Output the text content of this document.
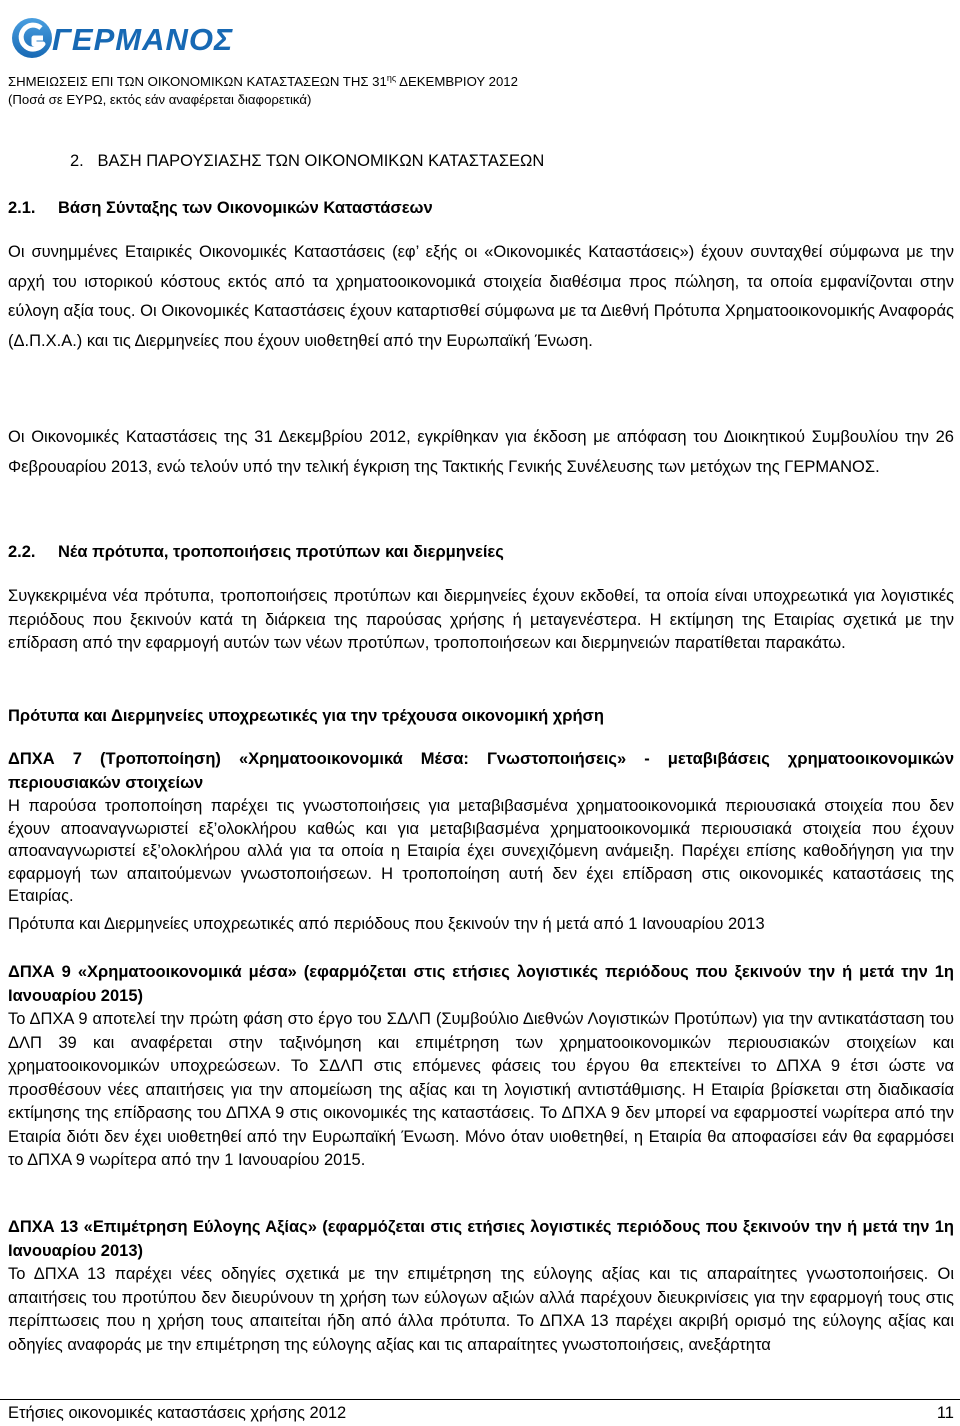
ΓΕΡΜΑΝΟΣ
ΣΗΜΕΙΩΣΕΙΣ ΕΠΙ ΤΩΝ ΟΙΚΟΝΟΜΙΚΩΝ ΚΑΤΑΣΤΑΣΕΩΝ ΤΗΣ $31^{\eta\varsigma}$ ΔΕΚΕΜΒΡΙΟΥ 2012
(Ποσά σε ΕΥΡΩ, εκτός εάν αναφέρεται διαφορετικά)
2. ΒΑΣΗ ΠΑΡΟΥΣΙΑΣΗΣ ΤΩΝ ΟΙΚΟΝΟΜΙΚΩΝ ΚΑΤΑΣΤΑΣΕΩΝ
2.1. Βάση Σύνταξης των Οικονομικών Καταστάσεων

Οι συνημμένες Εταιρικές Οικονομικές Καταστάσεις (εφ’ εξής οι «Οικονομικές Καταστάσεις») έχουν συνταχθεί σύμφωνα με την αρχή του ιστορικού κόστους εκτός από τα χρηματοοικονομικά στοιχεία διαθέσιμα προς πώληση, τα οποία εμφανίζονται στην εύλογη αξία τους. Οι Οικονομικές Καταστάσεις έχουν καταρτισθεί σύμφωνα με τα Διεθνή Πρότυπα Χρηματοοικονομικής Αναφοράς (Δ.Π.Χ.Α.) και τις Διερμηνείες που έχουν υιοθετηθεί από την Ευρωπαϊκή Ένωση.

Οι Οικονομικές Καταστάσεις της 31 Δεκεμβρίου 2012, εγκρίθηκαν για έκδοση με απόφαση του Διοικητικού Συμβουλίου την 26 Φεβρουαρίου 2013, ενώ τελούν υπό την τελική έγκριση της Τακτικής Γενικής Συνέλευσης των μετόχων της ΓΕΡΜΑΝΟΣ.

2.2. Νέα πρότυπα, τροποποιήσεις προτύπων και διερμηνείες

Συγκεκριμένα νέα πρότυπα, τροποποιήσεις προτύπων και διερμηνείες έχουν εκδοθεί, τα οποία είναι υποχρεωτικά για λογιστικές περιόδους που ξεκινούν κατά τη διάρκεια της παρούσας χρήσης ή μεταγενέστερα. Η εκτίμηση της Εταιρίας σχετικά με την επίδραση από την εφαρμογή αυτών των νέων προτύπων, τροποποιήσεων και διερμηνειών παρατίθεται παρακάτω.

Πρότυπα και Διερμηνείες υποχρεωτικές για την τρέχουσα οικονομική χρήση

ΔΠΧΑ 7 (Τροποποίηση) «Χρηματοοικονομικά Μέσα: Γνωστοποιήσεις» - μεταβιβάσεις χρηματοοικονομικών περιουσιακών στοιχείων

Η παρούσα τροποποίηση παρέχει τις γνωστοποιήσεις για μεταβιβασμένα χρηματοοικονομικά περιουσιακά στοιχεία που δεν έχουν αποαναγνωριστεί εξ’ολοκλήρου καθώς και για μεταβιβασμένα χρηματοοικονομικά περιουσιακά στοιχεία που έχουν αποαναγνωριστεί εξ’ολοκλήρου αλλά για τα οποία η Εταιρία έχει συνεχιζόμενη ανάμειξη. Παρέχει επίσης καθοδήγηση για την εφαρμογή των απαιτούμενων γνωστοποιήσεων. Η τροποποίηση αυτή δεν έχει επίδραση στις οικονομικές καταστάσεις της Εταιρίας.

Πρότυπα και Διερμηνείες υποχρεωτικές από περιόδους που ξεκινούν την ή μετά από 1 Ιανουαρίου 2013

ΔΠΧΑ 9 «Χρηματοοικονομικά μέσα» (εφαρμόζεται στις ετήσιες λογιστικές περιόδους που ξεκινούν την ή μετά την 1η Ιανουαρίου 2015)

Το ΔΠΧΑ 9 αποτελεί την πρώτη φάση στο έργο του ΣΔΛΠ (Συμβούλιο Διεθνών Λογιστικών Προτύπων) για την αντικατάσταση του ΔΛΠ 39 και αναφέρεται στην ταξινόμηση και επιμέτρηση των χρηματοοικονομικών περιουσιακών στοιχείων και χρηματοοικονομικών υποχρεώσεων. Το ΣΔΛΠ στις επόμενες φάσεις του έργου θα επεκτείνει το ΔΠΧΑ 9 έτσι ώστε να προσθέσουν νέες απαιτήσεις για την απομείωση της αξίας και τη λογιστική αντιστάθμισης. Η Εταιρία βρίσκεται στη διαδικασία εκτίμησης της επίδρασης του ΔΠΧΑ 9 στις οικονομικές της καταστάσεις. Το ΔΠΧΑ 9 δεν μπορεί να εφαρμοστεί νωρίτερα από την Εταιρία διότι δεν έχει υιοθετηθεί από την Ευρωπαϊκή Ένωση. Μόνο όταν υιοθετηθεί, η Εταιρία θα αποφασίσει εάν θα εφαρμόσει το ΔΠΧΑ 9 νωρίτερα από την 1 Ιανουαρίου 2015.

ΔΠΧΑ 13 «Επιμέτρηση Εύλογης Αξίας» (εφαρμόζεται στις ετήσιες λογιστικές περιόδους που ξεκινούν την ή μετά την 1η Ιανουαρίου 2013)

Το ΔΠΧΑ 13 παρέχει νέες οδηγίες σχετικά με την επιμέτρηση της εύλογης αξίας και τις απαραίτητες γνωστοποιήσεις. Οι απαιτήσεις του προτύπου δεν διευρύνουν τη χρήση των εύλογων αξιών αλλά παρέχουν διευκρινίσεις για την εφαρμογή τους στις περίπτωσεις που η χρήση τους απαιτείται ήδη από άλλα πρότυπα. Το ΔΠΧΑ 13 παρέχει ακριβή ορισμό της εύλογης αξίας και οδηγίες αναφοράς με την επιμέτρηση της εύλογης αξίας και τις απαραίτητες γνωστοποιήσεις, ανεξάρτητα

Ετήσιες οικονομικές καταστάσεις χρήσης 2012	11
